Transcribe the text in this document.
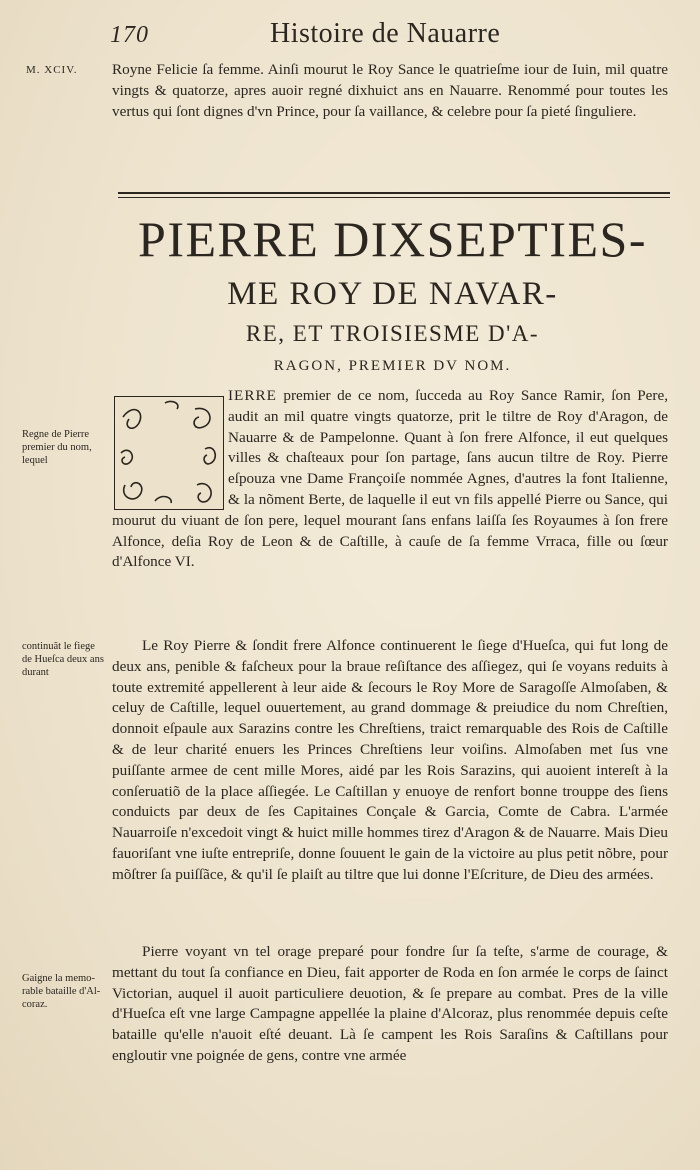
170	Histoire de Nauarre
M. XCIV. Royne Felicie ſa femme. Ainſi mourut le Roy Sance le quatrieſme iour de Iuin, mil quatre vingts & quatorze, apres auoir regné dixhuict ans en Nauarre. Renommé pour toutes les vertus qui ſont dignes d'vn Prince, pour ſa vaillance, & celebre pour ſa pieté ſinguliere.

PIERRE DIXSEPTIES-
ME ROY DE NAVAR-
RE, ET TROISIESME D'A-
RAGON, PREMIER DV NOM.

IERRE premier de ce nom, ſucceda au Roy Sance Ramir, ſon Pere, audit an mil quatre vingts quatorze, prit le tiltre de Roy d'Aragon, de Nauarre & de Pampelonne. Quant à ſon frere Alfonce, il eut quelques villes & chaſteaux pour ſon partage, ſans aucun tiltre de Roy. Pierre eſpouza vne Dame Françoiſe nommée Agnes, d'autres la font Italienne, & la nõment Berte, de laquelle il eut vn fils appellé Pierre ou Sance, qui mourut du viuant de ſon pere, lequel mourant ſans enfans laiſſa ſes Royaumes à ſon frere Alfonce, deſia Roy de Leon & de Caſtille, à cauſe de ſa femme Vrraca, fille ou ſœur d'Alfonce VI.

Le Roy Pierre & ſondit frere Alfonce continuerent le ſiege d'Hueſca, qui fut long de deux ans, penible & faſcheux pour la braue reſiſtance des aſſiegez, qui ſe voyans reduits à toute extremité appellerent à leur aide & ſecours le Roy More de Saragoſſe Almoſaben, & celuy de Caſtille, lequel ouuertement, au grand dommage & preiudice du nom Chreſtien, donnoit eſpaule aux Sarazins contre les Chreſtiens, traict remarquable des Rois de Caſtille & de leur charité enuers les Princes Chreſtiens leur voiſins. Almoſaben met ſus vne puiſſante armee de cent mille Mores, aidé par les Rois Sarazins, qui auoient intereſt à la conſeruatiõ de la place aſſiegée. Le Caſtillan y enuoye de renfort bonne trouppe des ſiens conduicts par deux de ſes Capitaines Conçale & Garcia, Comte de Cabra. L'armée Nauarroiſe n'excedoit vingt & huict mille hommes tirez d'Aragon & de Nauarre. Mais Dieu fauoriſant vne iuſte entrepriſe, donne ſouuent le gain de la victoire au plus petit nõbre, pour mõſtrer ſa puiſſãce, & qu'il ſe plaiſt au tiltre que lui donne l'Eſcriture, de Dieu des armées.

Pierre voyant vn tel orage preparé pour fondre ſur ſa teſte, s'arme de courage, & mettant du tout ſa confiance en Dieu, fait apporter de Roda en ſon armée le corps de ſainct Victorian, auquel il auoit particuliere deuotion, & ſe prepare au combat. Pres de la ville d'Hueſca eſt vne large Campagne appellée la plaine d'Alcoraz, plus renommée depuis ceſte bataille qu'elle n'auoit eſté deuant. Là ſe campent les Rois Saraſins & Caſtillans pour engloutir vne poignée de gens, contre vne armée

Regne de Pierre premier du nom, lequel
continuãt le fiege de Hueſca deux ans durant
Gaigne la memo- rable bataille d'Al- coraz.
